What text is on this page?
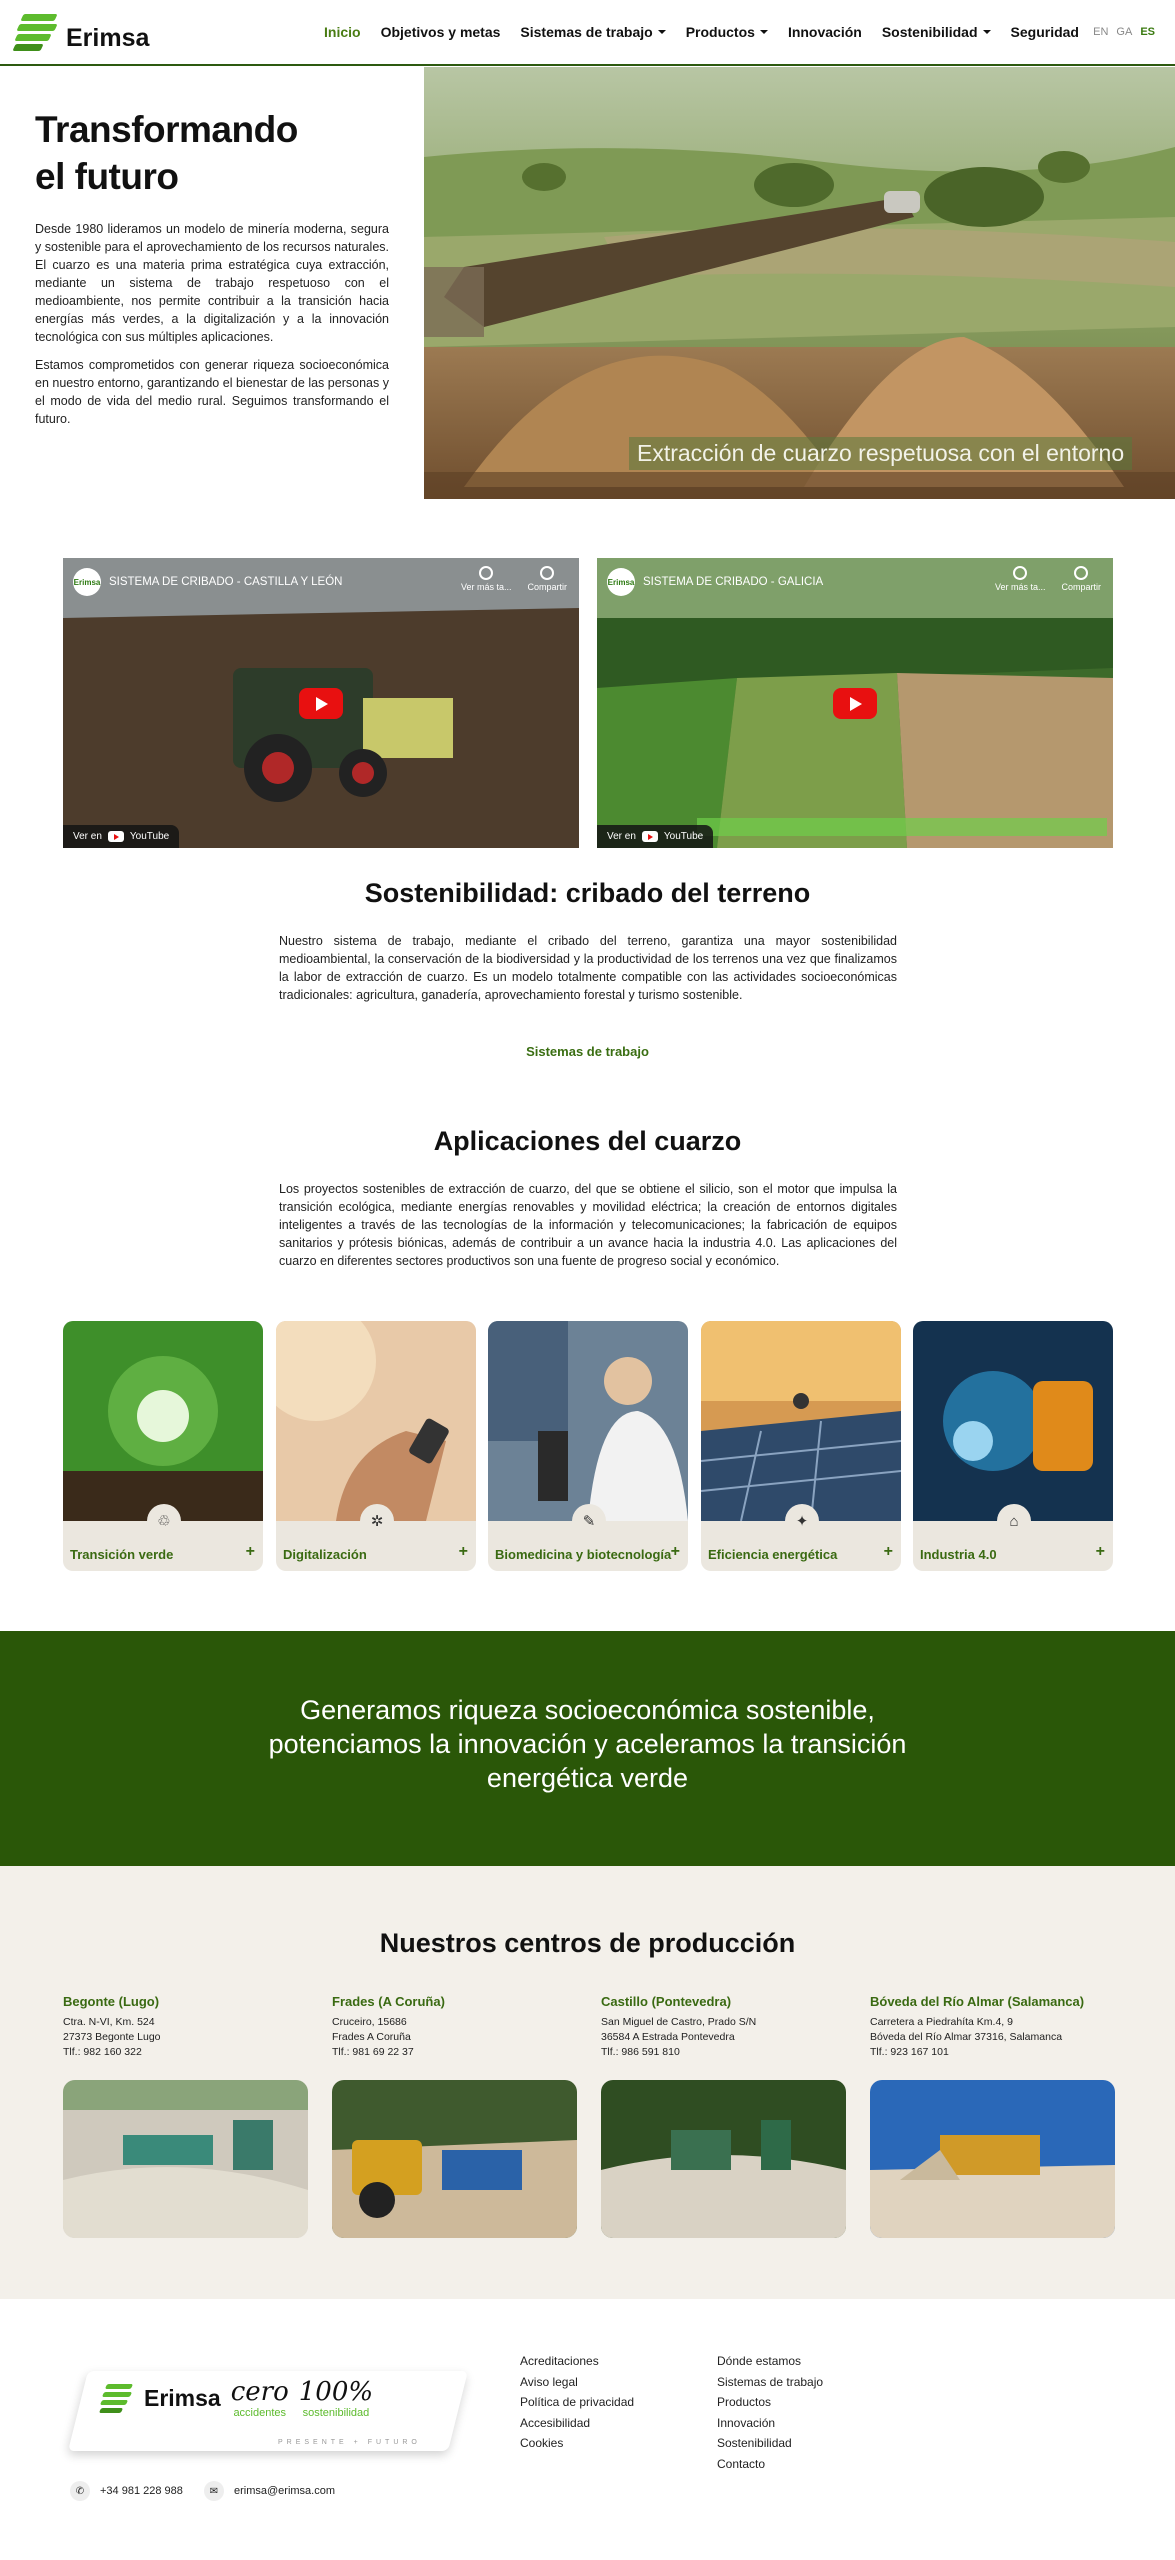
Erimsa	Inicio Objetivos y metas Sistemas de trabajo Productos Innovación Sostenibilidad Seguridad EN GA ES
Transformando
el futuro

Desde 1980 lideramos un modelo de minería moderna, segura y sostenible para el aprovechamiento de los recursos naturales. El cuarzo es una materia prima estratégica cuya extracción, mediante un sistema de trabajo respetuoso con el medioambiente, nos permite contribuir a la transición hacia energías más verdes, a la digitalización y a la innovación tecnológica con sus múltiples aplicaciones.

Estamos comprometidos con generar riqueza socioeconómica en nuestro entorno, garantizando el bienestar de las personas y el modo de vida del medio rural. Seguimos transformando el futuro.

Extracción de cuarzo respetuosa con el entorno
Erimsa SISTEMA DE CRIBADO - CASTILLA Y LEÓN	Ver más ta... Compartir
Ver en	YouTube
Erimsa SISTEMA DE CRIBADO - GALICIA	Ver más ta... Compartir
Ver en	YouTube
Sostenibilidad: cribado del terreno

Nuestro sistema de trabajo, mediante el cribado del terreno, garantiza una mayor sostenibilidad medioambiental, la conservación de la biodiversidad y la productividad de los terrenos una vez que finalizamos la labor de extracción de cuarzo. Es un modelo totalmente compatible con las actividades socioeconómicas tradicionales: agricultura, ganadería, aprovechamiento forestal y turismo sostenible.

Sistemas de trabajo
Aplicaciones del cuarzo

Los proyectos sostenibles de extracción de cuarzo, del que se obtiene el silicio, son el motor que impulsa la transición ecológica, mediante energías renovables y movilidad eléctrica; la creación de entornos digitales inteligentes a través de las tecnologías de la información y telecomunicaciones; la fabricación de equipos sanitarios y prótesis biónicas, además de contribuir a un avance hacia la industria 4.0. Las aplicaciones del cuarzo en diferentes sectores productivos son una fuente de progreso social y económico.

♲
Transición verde	+
✲
Digitalización	+
✎
Biomedicina y biotecnología +
✦
Eficiencia energética	+
⌂
Industria 4.0	+
Generamos riqueza socioeconómica sostenible,
potenciamos la innovación y aceleramos la transición
energética verde
Nuestros centros de producción
Begonte (Lugo)
Ctra. N-VI, Km. 524
27373 Begonte Lugo
Tlf.: 982 160 322
Frades (A Coruña)
Cruceiro, 15686
Frades A Coruña
Tlf.: 981 69 22 37
Castillo (Pontevedra)
San Miguel de Castro, Prado S/N
36584 A Estrada Pontevedra
Tlf.: 986 591 810
Bóveda del Río Almar (Salamanca)
Carretera a Piedrahíta Km.4, 9
Bóveda del Río Almar 37316, Salamanca
Tlf.: 923 167 101
Erimsa cero
accidentes
100%
sostenibilidad
PRESENTE + FUTURO
✆	+34 981 228 988	✉	erimsa@erimsa.com
Acreditaciones
Aviso legal
Política de privacidad
Accesibilidad
Cookies
Dónde estamos
Sistemas de trabajo
Productos
Innovación
Sostenibilidad
Contacto
